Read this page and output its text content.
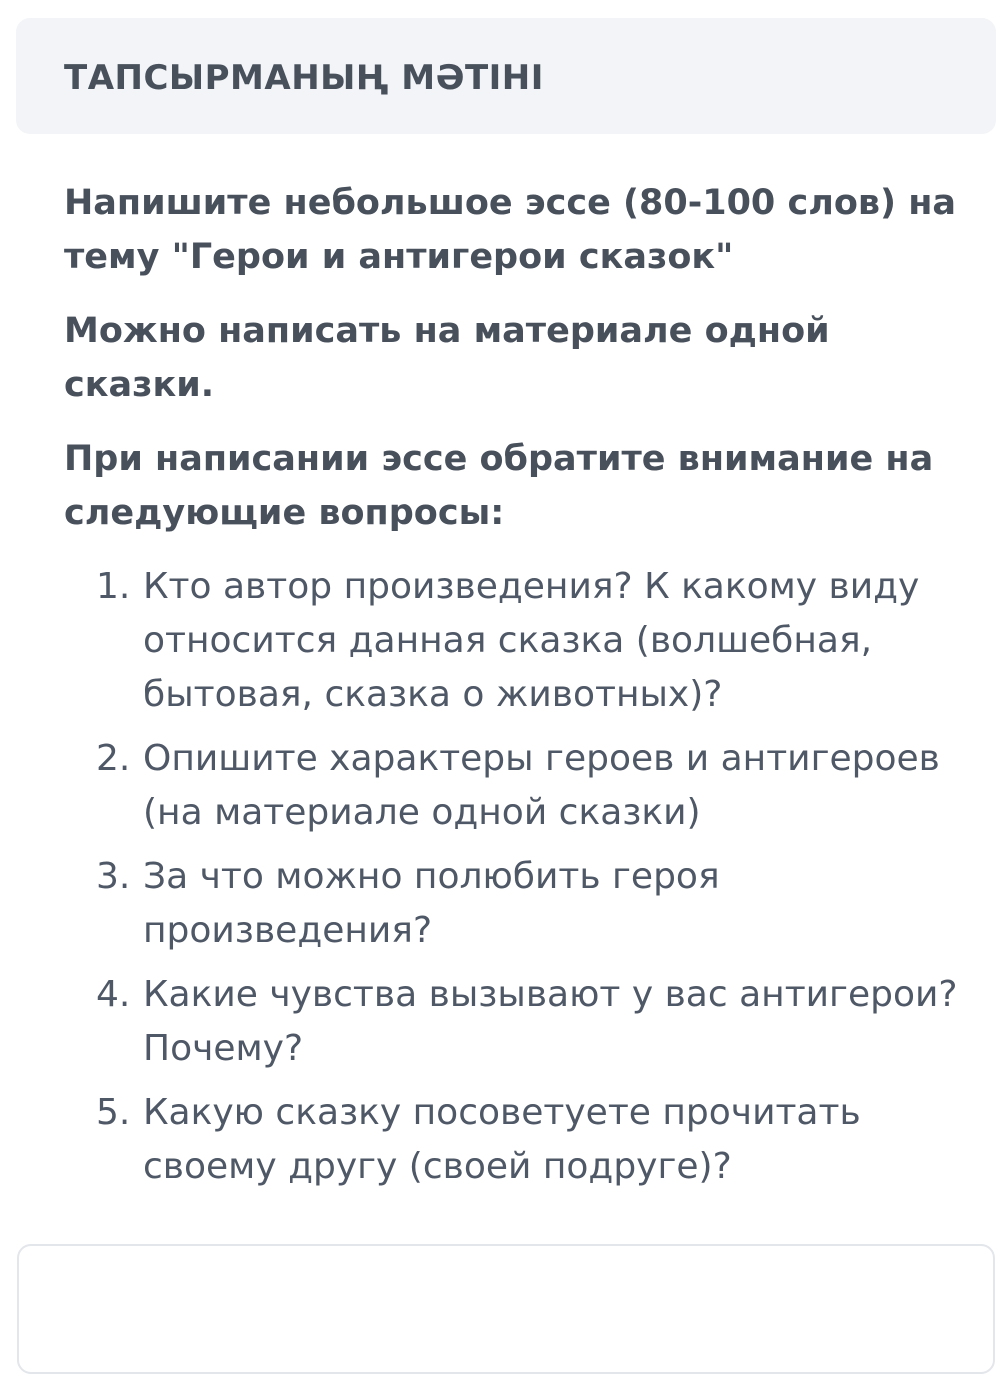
ТАПСЫРМАНЫҢ МӘТІНІ

Напишите небольшое эссе (80-100 слов) на тему "Герои и антигерои сказок"

Можно написать на материале одной сказки.

При написании эссе обратите внимание на следующие вопросы:

1. Кто автор произведения? К какому виду относится данная сказка (волшебная, бытовая, сказка о животных)?
2. Опишите характеры героев и антигероев (на материале одной сказки)
3. За что можно полюбить героя произведения?
4. Какие чувства вызывают у вас антигерои? Почему?
5. Какую сказку посоветуете прочитать своему другу (своей подруге)?
